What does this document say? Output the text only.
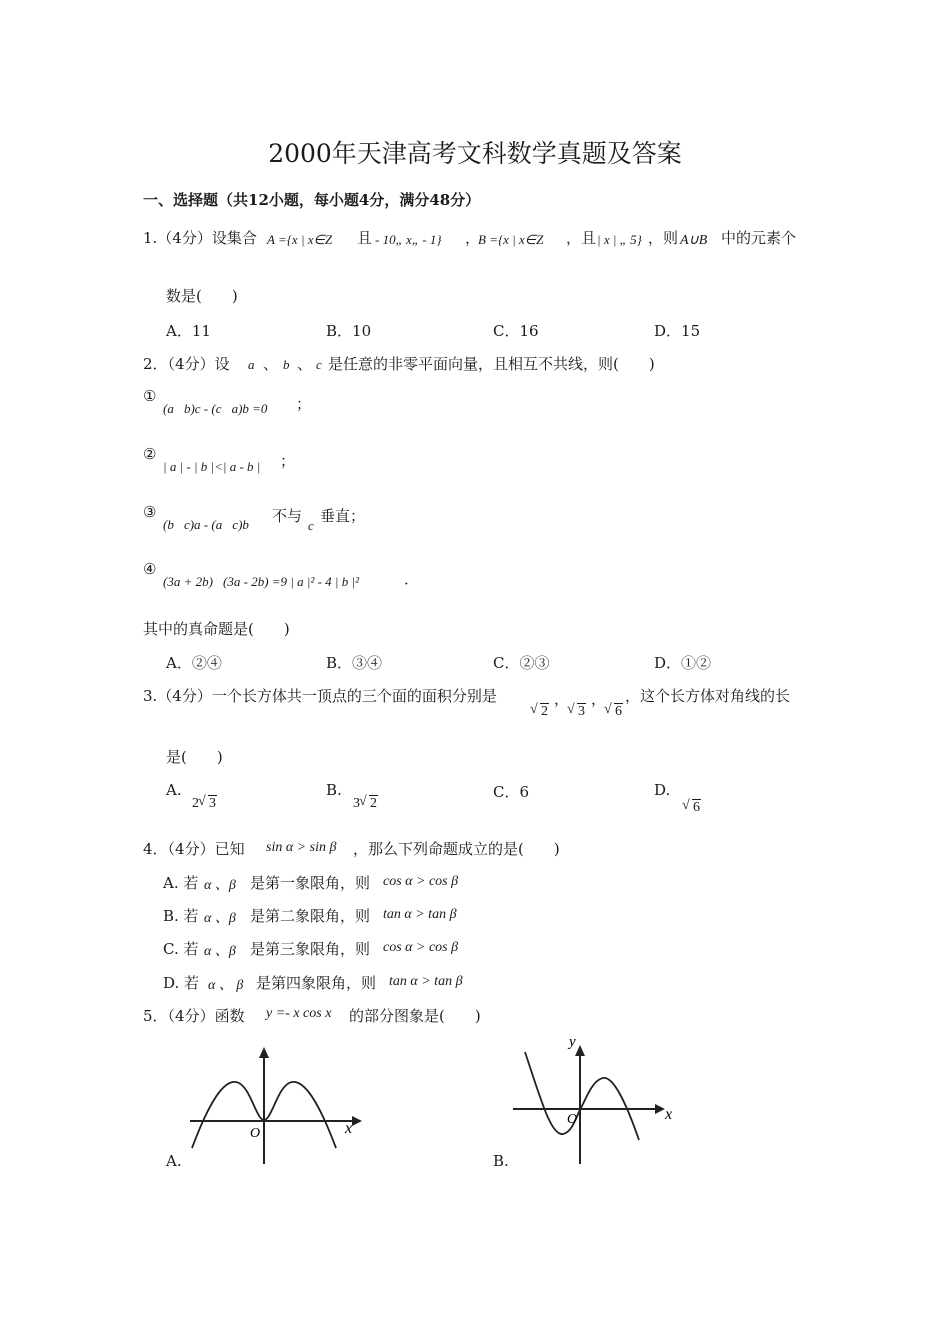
2000年天津高考文科数学真题及答案
一、选择题（共12小题，每小题4分，满分48分）
1.（4分）设集合 A ={x | x∈Z 且 - 10„ x„ - 1} ，
B ={x | x∈Z ，且 | x | „ 5} ，则 A∪B 中的元素个
数是(　　)
A．11	B．10	C．16	D．15
2．（4分）设 a 、 b 、 c 是任意的非零平面向量，且相互不共线，则(　　)
①
(a􀀁b)c - (c􀀁a)b =0 ；
②
| a | - | b |<| a - b | ；
③
(b􀀁c)a - (a􀀁c)b 不与
c
垂直；
④
(3a + 2b)􀀁(3a - 2b) =9 | a |² - 4 | b |²	．
其中的真命题是(　　)
A．②④	B．③④	C．②③	D．①②
3.（4分）一个长方体共一顶点的三个面的面积分别是
√ 2
，
√ 3
，
√ 6
，这个长方体对角线的长
是(　　)
A.
2 √ 3
B.
3 √ 2
C．6	D.
√ 6
4．（4分）已知 sin α > sin β ，那么下列命题成立的是(　　)
A. 若 α 、β 是第一象限角，则 cos α > cos β
B. 若 α 、β 是第二象限角，则 tan α > tan β
C. 若 α 、β 是第三象限角，则 cos α > cos β
D. 若 α 、 β 是第四象限角，则 tan α > tan β
5．（4分）函数 y =- x cos x 的部分图象是(　　)
O	x
A.
O	x
y
B.
